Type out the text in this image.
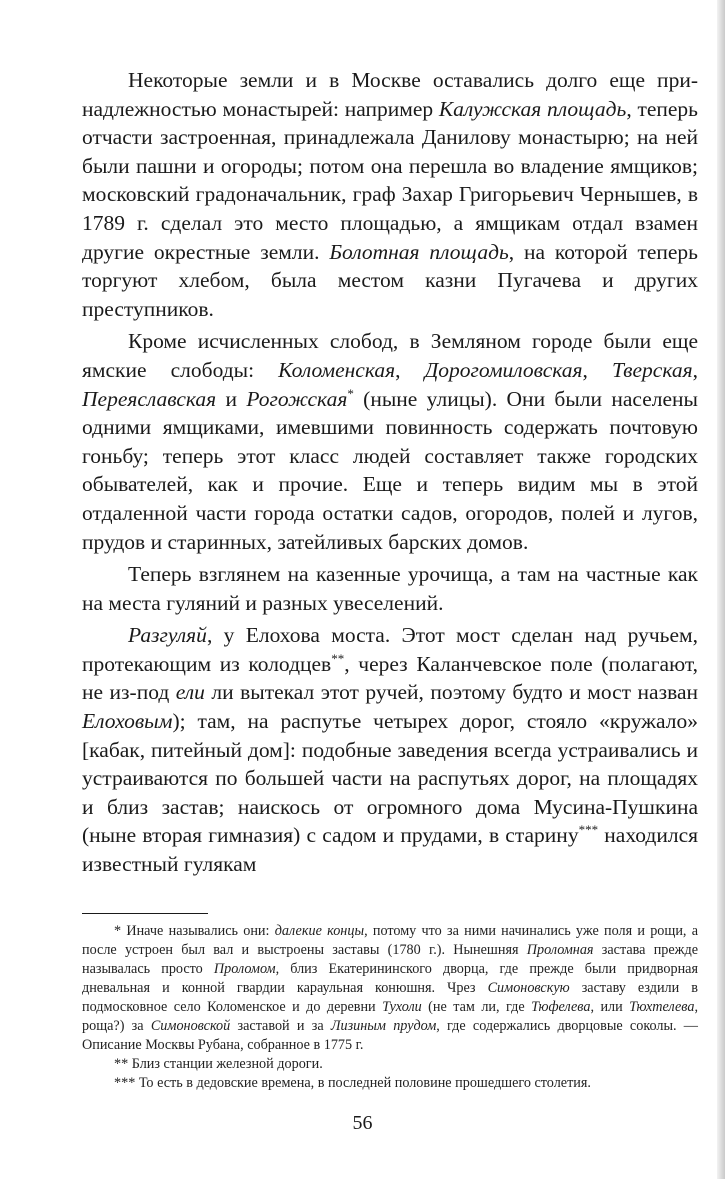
Некоторые земли и в Москве оставались долго еще принадлежностью монастырей: например Калужская площадь, теперь отчасти застроенная, принадлежала Данилову монастырю; на ней были пашни и огороды; потом она перешла во владение ямщиков; московский градоначальник, граф Захар Григорьевич Чернышев, в 1789 г. сделал это место площадью, а ямщикам отдал взамен другие окрестные земли. Болотная площадь, на которой теперь торгуют хлебом, была местом казни Пугачева и других преступников.

Кроме исчисленных слобод, в Земляном городе были еще ямские слободы: Коломенская, Дорогомиловская, Тверская, Переяславская и Рогожская* (ныне улицы). Они были населены одними ямщиками, имевшими повинность содержать почтовую гоньбу; теперь этот класс людей составляет также городских обывателей, как и прочие. Еще и теперь видим мы в этой отдаленной части города остатки садов, огородов, полей и лугов, прудов и старинных, затейливых барских домов.

Теперь взглянем на казенные урочища, а там на частные как на места гуляний и разных увеселений.

Разгуляй, у Елохова моста. Этот мост сделан над ручьем, протекающим из колодцев**, через Каланчевское поле (полагают, не из-под ели ли вытекал этот ручей, поэтому будто и мост назван Елоховым); там, на распутье четырех дорог, стояло «кружало» [кабак, питейный дом]: подобные заведения всегда устраивались и устраиваются по большей части на распутьях дорог, на площадях и близ застав; наискось от огромного дома Мусина-Пушкина (ныне вторая гимназия) с садом и прудами, в старину*** находился известный гулякам

* Иначе назывались они: далекие концы, потому что за ними начинались уже поля и рощи, а после устроен был вал и выстроены заставы (1780 г.). Нынешняя Проломная застава прежде называлась просто Проломом, близ Екатерининского дворца, где прежде были придворная дневальная и конной гвардии караульная конюшня. Чрез Симоновскую заставу ездили в подмосковное село Коломенское и до деревни Тухоли (не там ли, где Тюфелева, или Тюхтелева, роща?) за Симоновской заставой и за Лизиным прудом, где содержались дворцовые соколы. — Описание Москвы Рубана, собранное в 1775 г.

** Близ станции железной дороги.

*** То есть в дедовские времена, в последней половине прошедшего столетия.

56
